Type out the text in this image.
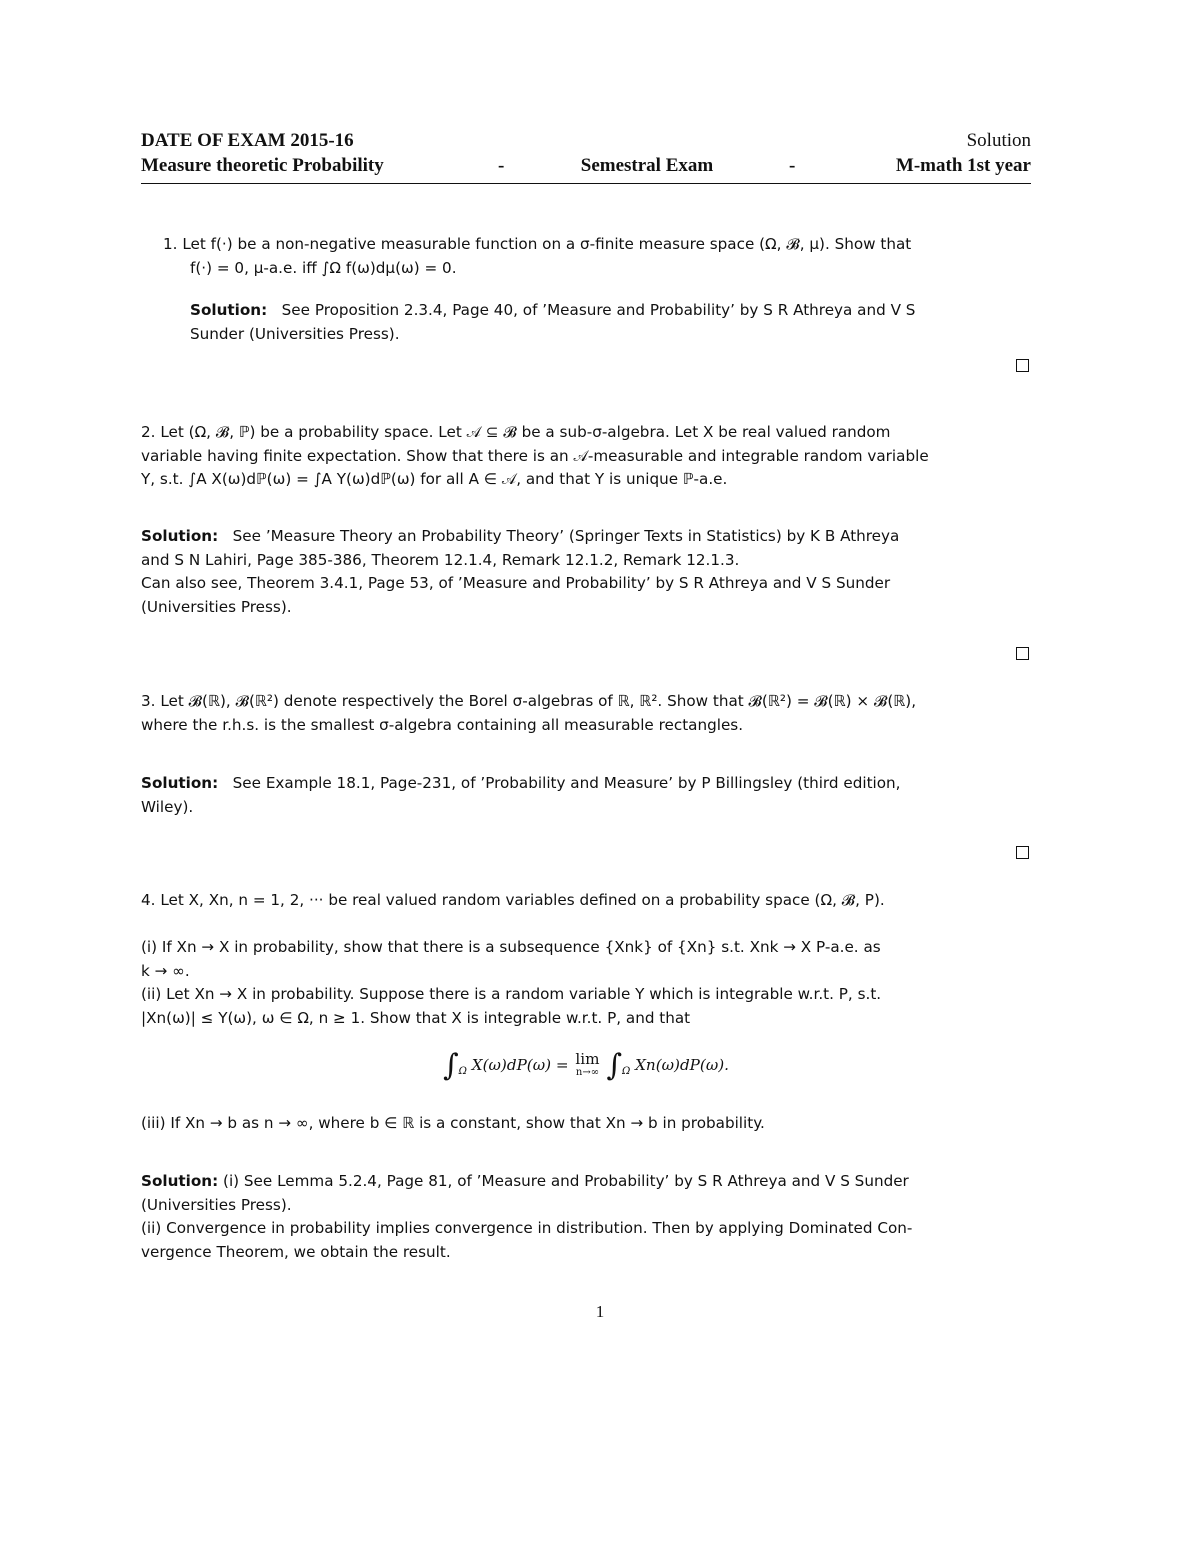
DATE OF EXAM 2015-16	Solution
Measure theoretic Probability	-	Semestral Exam	-	M-math 1st year
1. Let f(·) be a non-negative measurable function on a σ-finite measure space (Ω, 𝓑, μ). Show that
f(·) = 0, μ-a.e. iff ∫Ω f(ω)dμ(ω) = 0.
Solution: See Proposition 2.3.4, Page 40, of ’Measure and Probability’ by S R Athreya and V S
Sunder (Universities Press).
2. Let (Ω, 𝓑, ℙ) be a probability space. Let 𝒜 ⊆ 𝓑 be a sub-σ-algebra. Let X be real valued random
variable having finite expectation. Show that there is an 𝒜-measurable and integrable random variable
Y, s.t. ∫A X(ω)dℙ(ω) = ∫A Y(ω)dℙ(ω) for all A ∈ 𝒜, and that Y is unique ℙ-a.e.
Solution: See ’Measure Theory an Probability Theory’ (Springer Texts in Statistics) by K B Athreya
and S N Lahiri, Page 385-386, Theorem 12.1.4, Remark 12.1.2, Remark 12.1.3.
Can also see, Theorem 3.4.1, Page 53, of ’Measure and Probability’ by S R Athreya and V S Sunder
(Universities Press).
3. Let 𝓑(ℝ), 𝓑(ℝ²) denote respectively the Borel σ-algebras of ℝ, ℝ². Show that 𝓑(ℝ²) = 𝓑(ℝ) × 𝓑(ℝ),
where the r.h.s. is the smallest σ-algebra containing all measurable rectangles.
Solution: See Example 18.1, Page-231, of ’Probability and Measure’ by P Billingsley (third edition,
Wiley).
4. Let X, Xn, n = 1, 2, ··· be real valued random variables defined on a probability space (Ω, 𝓑, P).
(i) If Xn → X in probability, show that there is a subsequence {Xnk} of {Xn} s.t. Xnk → X P-a.e. as
k → ∞.
(ii) Let Xn → X in probability. Suppose there is a random variable Y which is integrable w.r.t. P, s.t.
|Xn(ω)| ≤ Y(ω), ω ∈ Ω, n ≥ 1. Show that X is integrable w.r.t. P, and that
$\int_\Omega$ X(ω)dP(ω) = lim
n→∞ $\int_\Omega$ Xn(ω)dP(ω).
(iii) If Xn → b as n → ∞, where b ∈ ℝ is a constant, show that Xn → b in probability.
Solution: (i) See Lemma 5.2.4, Page 81, of ’Measure and Probability’ by S R Athreya and V S Sunder
(Universities Press).
(ii) Convergence in probability implies convergence in distribution. Then by applying Dominated Con-
vergence Theorem, we obtain the result.
1
